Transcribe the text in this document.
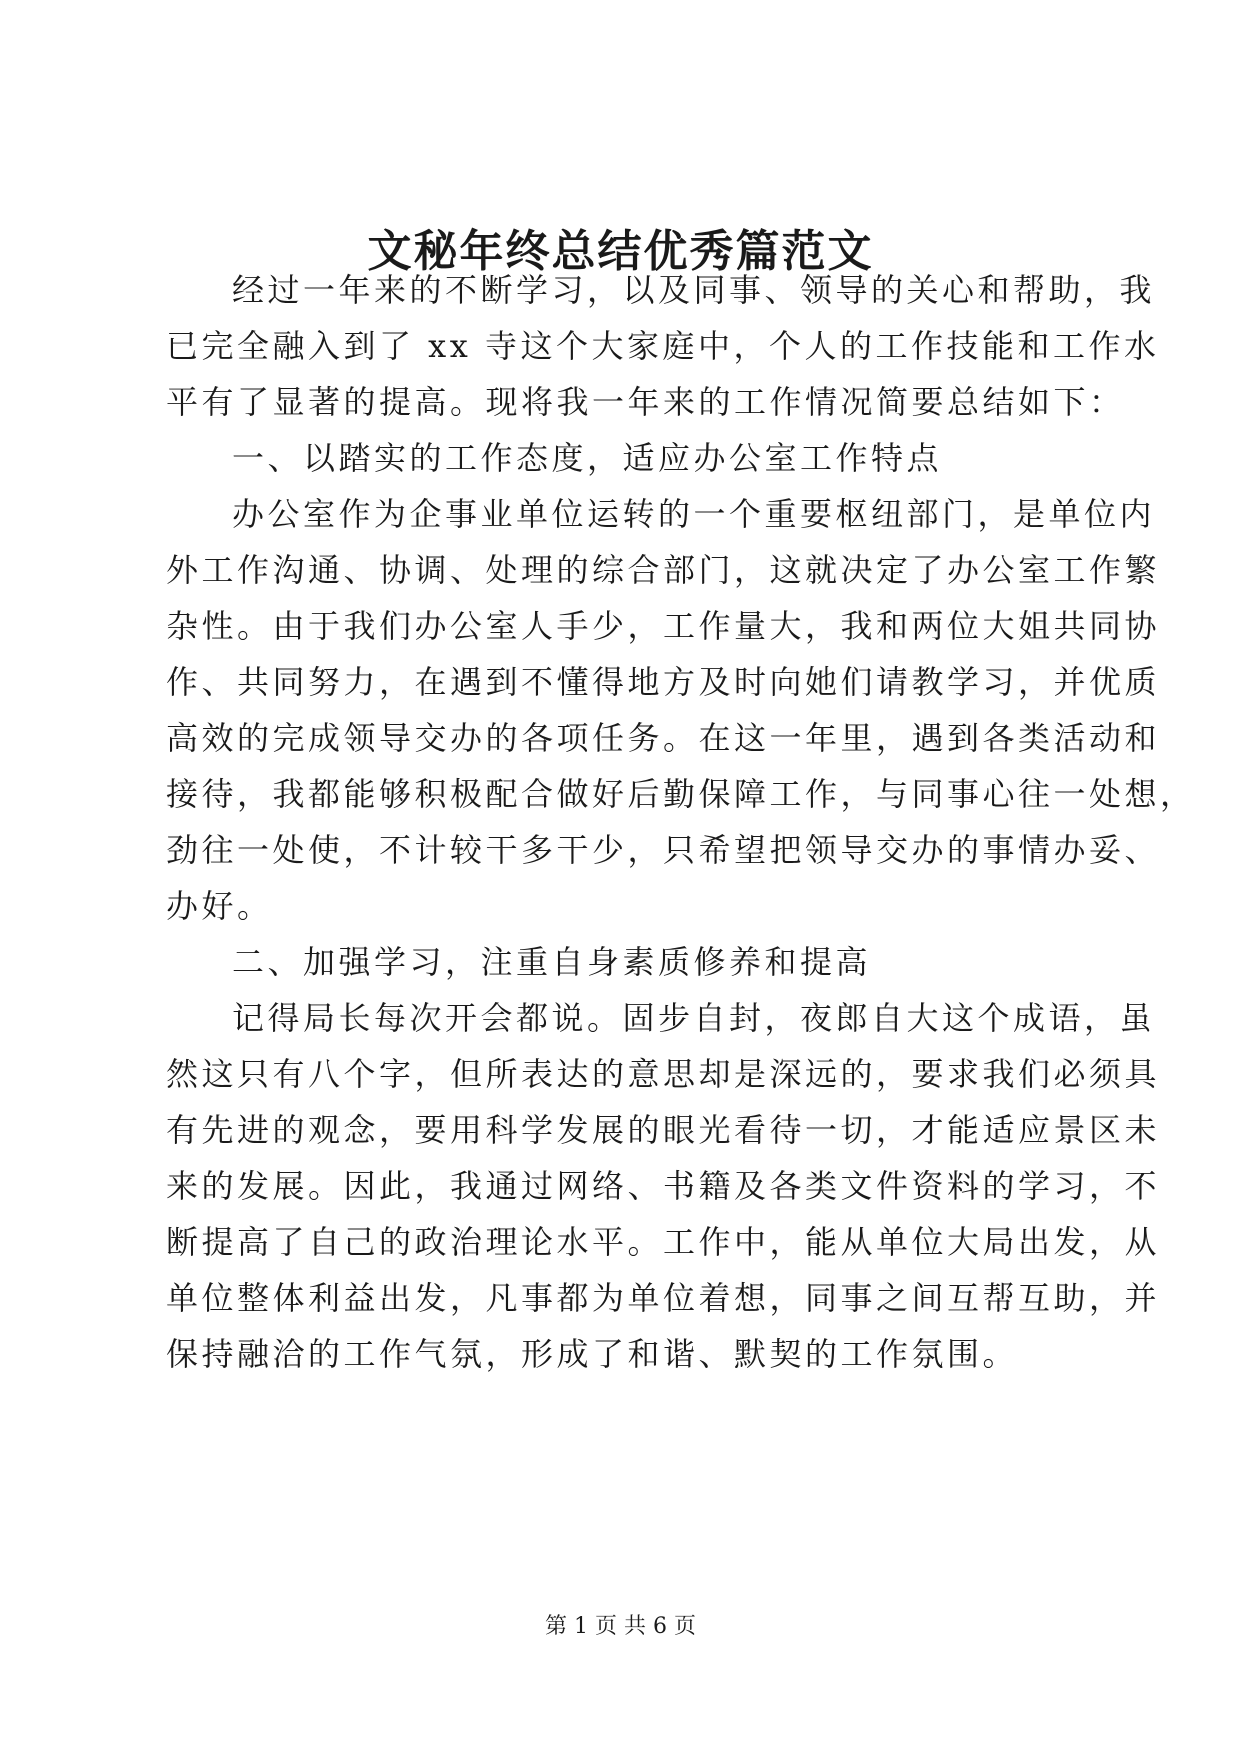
文秘年终总结优秀篇范文
经过一年来的不断学习，以及同事、领导的关心和帮助，我
已完全融入到了 xx 寺这个大家庭中，个人的工作技能和工作水
平有了显著的提高。现将我一年来的工作情况简要总结如下：
一、以踏实的工作态度，适应办公室工作特点
办公室作为企事业单位运转的一个重要枢纽部门，是单位内
外工作沟通、协调、处理的综合部门，这就决定了办公室工作繁
杂性。由于我们办公室人手少，工作量大，我和两位大姐共同协
作、共同努力，在遇到不懂得地方及时向她们请教学习，并优质
高效的完成领导交办的各项任务。在这一年里，遇到各类活动和
接待，我都能够积极配合做好后勤保障工作，与同事心往一处想，
劲往一处使，不计较干多干少，只希望把领导交办的事情办妥、
办好。
二、加强学习，注重自身素质修养和提高
记得局长每次开会都说。固步自封，夜郎自大这个成语，虽
然这只有八个字，但所表达的意思却是深远的，要求我们必须具
有先进的观念，要用科学发展的眼光看待一切，才能适应景区未
来的发展。因此，我通过网络、书籍及各类文件资料的学习，不
断提高了自己的政治理论水平。工作中，能从单位大局出发，从
单位整体利益出发，凡事都为单位着想，同事之间互帮互助，并
保持融洽的工作气氛，形成了和谐、默契的工作氛围。
第 1 页 共 6 页
